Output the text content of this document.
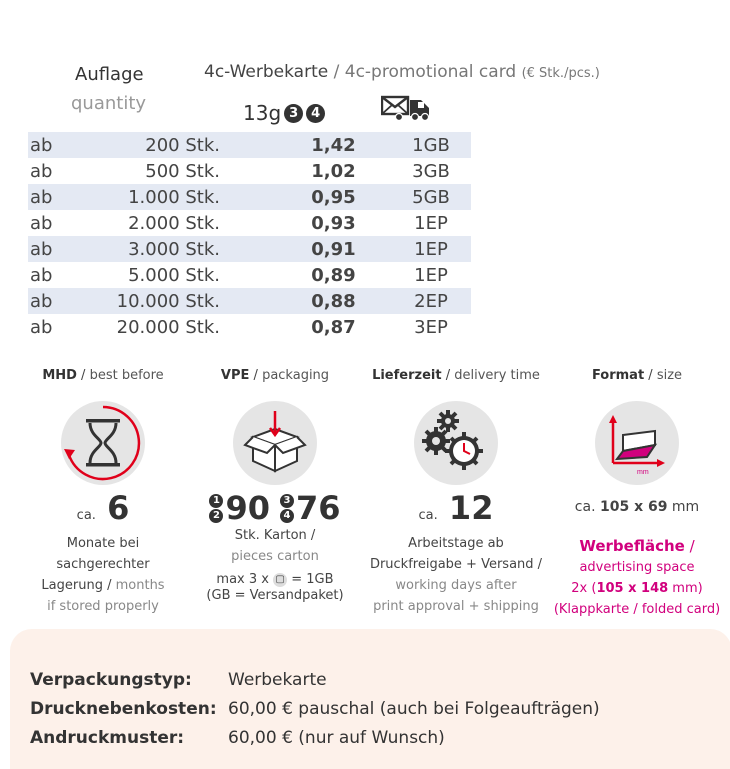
Auflage
quantity
4c-Werbekarte / 4c-promotional card (€ Stk./pcs.)
13g 3 4
ab	200 Stk.		1,42	1GB
ab	500 Stk.		1,02	3GB
ab	1.000 Stk.		0,95	5GB
ab	2.000 Stk.		0,93	1EP
ab	3.000 Stk.		0,91	1EP
ab	5.000 Stk.		0,89	1EP
ab	10.000 Stk.		0,88	2EP
ab	20.000 Stk.		0,87	3EP
MHD / best before
ca. 6
Monate bei
sachgerechter
Lagerung / months
if stored properly
VPE / packaging
1
2 90	3
4 76
Stk. Karton /
pieces carton
max 3 x ▢ = 1GB
(GB = Versandpaket)
Lieferzeit / delivery time
ca. 12
Arbeitstage ab
Druckfreigabe + Versand /
working days after
print approval + shipping
Format / size
mm
ca. 105 x 69 mm
Werbefläche /
advertising space
2x (105 x 148 mm)
(Klappkarte / folded card)
Verpackungstyp:	Werbekarte
Drucknebenkosten: 60,00 € pauschal (auch bei Folgeaufträgen)
Andruckmuster:	60,00 € (nur auf Wunsch)
